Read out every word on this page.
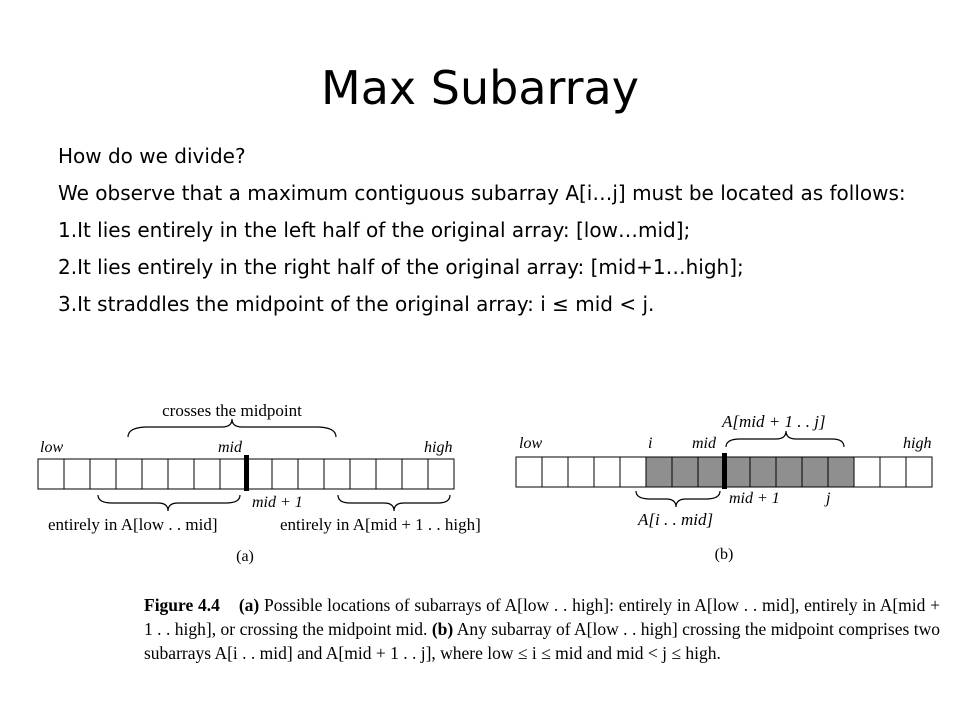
Max Subarray

How do we divide?

We observe that a maximum contiguous subarray A[i…j] must be located as follows:

1.It lies entirely in the left half of the original array: [low…mid];

2.It lies entirely in the right half of the original array: [mid+1…high];

3.It straddles the midpoint of the original array: i ≤ mid < j.

crosses the midpoint
low	mid	high
mid + 1
entirely in A[low . . mid]	entirely in A[mid + 1 . . high]
(a)
A[mid + 1 . . j]
low	i mid	high
mid + 1	j
A[i . . mid]
(b)
Figure 4.4 (a) Possible locations of subarrays of A[low . . high]: entirely in A[low . . mid], entirely in A[mid + 1 . . high], or crossing the midpoint mid. (b) Any subarray of A[low . . high] crossing the midpoint comprises two subarrays A[i . . mid] and A[mid + 1 . . j], where low ≤ i ≤ mid and mid < j ≤ high.
